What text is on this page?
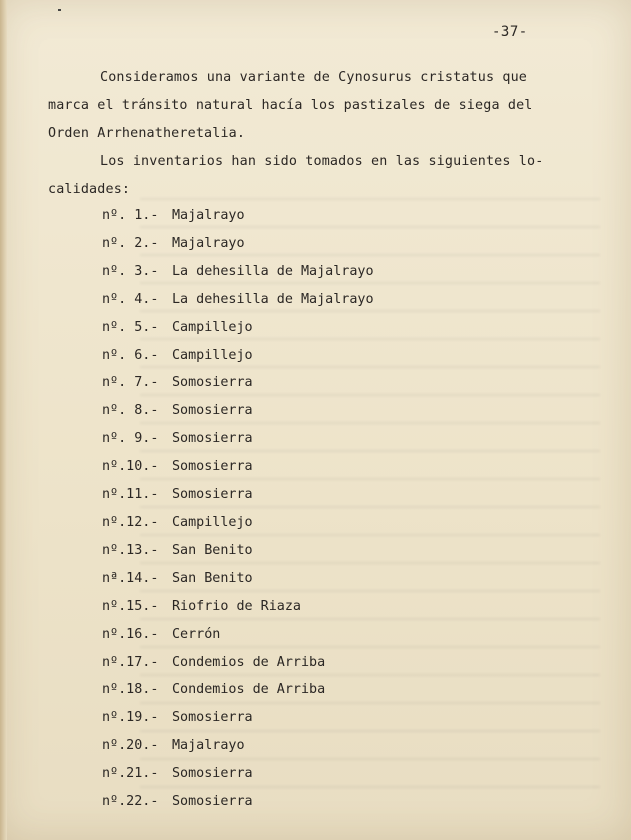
-37-
Consideramos una variante de Cynosurus cristatus que
marca el tránsito natural hacía los pastizales de siega del
Orden Arrhenatheretalia.
Los inventarios han sido tomados en las siguientes lo-
calidades:
nº. 1.-	Majalrayo
nº. 2.-	Majalrayo
nº. 3.-	La dehesilla de Majalrayo
nº. 4.-	La dehesilla de Majalrayo
nº. 5.-	Campillejo
nº. 6.-	Campillejo
nº. 7.-	Somosierra
nº. 8.-	Somosierra
nº. 9.-	Somosierra
nº.10.-	Somosierra
nº.11.-	Somosierra
nº.12.-	Campillejo
nº.13.-	San Benito
nª.14.-	San Benito
nº.15.-	Riofrio de Riaza
nº.16.-	Cerrón
nº.17.-	Condemios de Arriba
nº.18.-	Condemios de Arriba
nº.19.-	Somosierra
nº.20.-	Majalrayo
nº.21.-	Somosierra
nº.22.-	Somosierra
